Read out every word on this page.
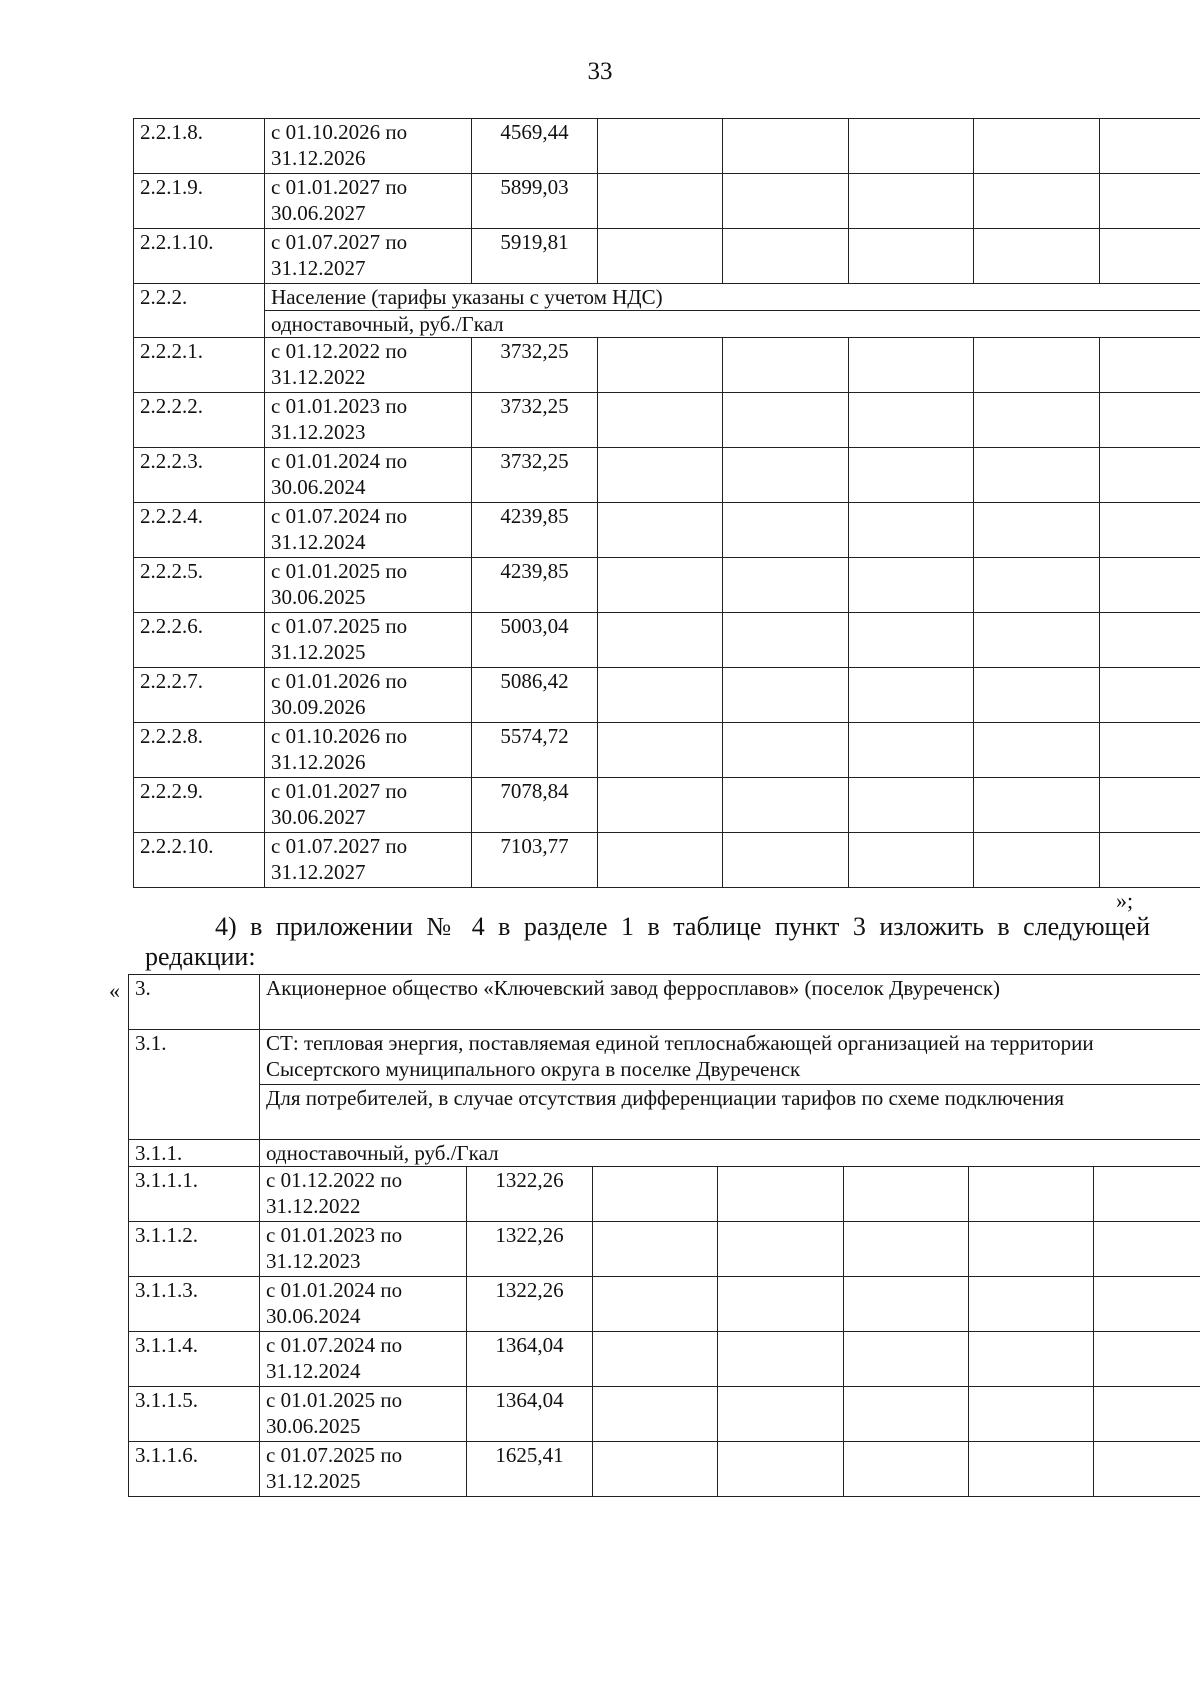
33
2.2.1.8.	с 01.10.2026 по 31.12.2026	4569,44					
2.2.1.9.	с 01.01.2027 по 30.06.2027	5899,03					
2.2.1.10.	с 01.07.2027 по 31.12.2027	5919,81					
2.2.2.	Население (тарифы указаны с учетом НДС)						
	одноставочный, руб./Гкал						
2.2.2.1.	с 01.12.2022 по 31.12.2022	3732,25					
2.2.2.2.	с 01.01.2023 по 31.12.2023	3732,25					
2.2.2.3.	с 01.01.2024 по 30.06.2024	3732,25					
2.2.2.4.	с 01.07.2024 по 31.12.2024	4239,85					
2.2.2.5.	с 01.01.2025 по 30.06.2025	4239,85					
2.2.2.6.	с 01.07.2025 по 31.12.2025	5003,04					
2.2.2.7.	с 01.01.2026 по 30.09.2026	5086,42					
2.2.2.8.	с 01.10.2026 по 31.12.2026	5574,72					
2.2.2.9.	с 01.01.2027 по 30.06.2027	7078,84					
2.2.2.10.	с 01.07.2027 по 31.12.2027	7103,77					
»;
4) в приложении № 4 в разделе 1 в таблице пункт 3 изложить в следующей редакции:
« 3.	Акционерное общество «Ключевский завод ферросплавов» (поселок Двуреченск)						
3.1.	СТ: тепловая энергия, поставляемая единой теплоснабжающей организацией на территории Сысертского муниципального округа в поселке Двуреченск						
	Для потребителей, в случае отсутствия дифференциации тарифов по схеме подключения						
3.1.1.	одноставочный, руб./Гкал						
3.1.1.1.	с 01.12.2022 по 31.12.2022	1322,26					
3.1.1.2.	с 01.01.2023 по 31.12.2023	1322,26					
3.1.1.3.	с 01.01.2024 по 30.06.2024	1322,26					
3.1.1.4.	с 01.07.2024 по 31.12.2024	1364,04					
3.1.1.5.	с 01.01.2025 по 30.06.2025	1364,04					
3.1.1.6.	с 01.07.2025 по 31.12.2025	1625,41					
